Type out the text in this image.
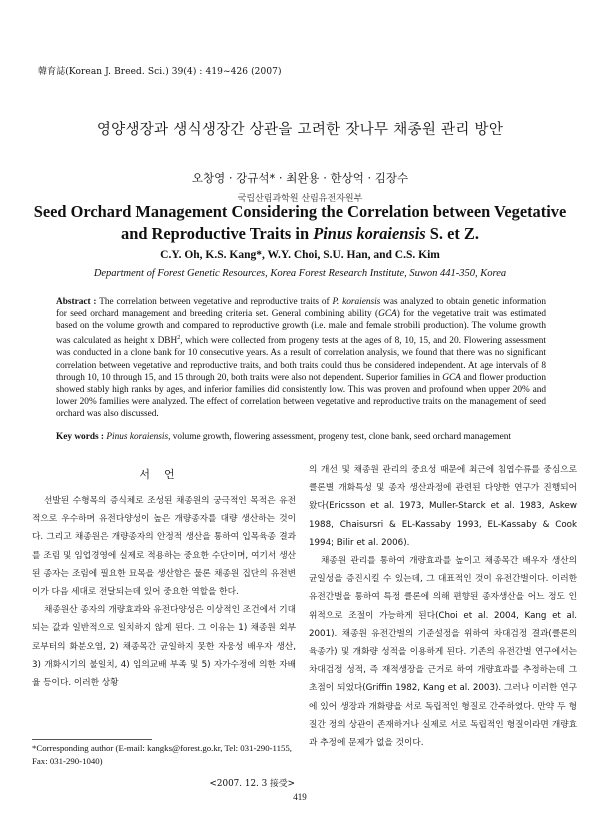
韓育誌(Korean J. Breed. Sci.) 39(4) : 419~426 (2007)
영양생장과 생식생장간 상관을 고려한 잣나무 채종원 관리 방안
오창영 · 강규석* · 최완용 · 한상억 · 김장수
국립산림과학원 산림유전자원부
Seed Orchard Management Considering the Correlation between Vegetative
and Reproductive Traits in Pinus koraiensis S. et Z.
C.Y. Oh, K.S. Kang*, W.Y. Choi, S.U. Han, and C.S. Kim
Department of Forest Genetic Resources, Korea Forest Research Institute, Suwon 441-350, Korea
Abstract : The correlation between vegetative and reproductive traits of P. koraiensis was analyzed to obtain genetic information for seed orchard management and breeding criteria set. General combining ability (GCA) for the vegetative trait was estimated based on the volume growth and compared to reproductive growth (i.e. male and female strobili production). The volume growth was calculated as height x DBH$^2$, which were collected from progeny tests at the ages of 8, 10, 15, and 20. Flowering assessment was conducted in a clone bank for 10 consecutive years. As a result of correlation analysis, we found that there was no significant correlation between vegetative and reproductive traits, and both traits could thus be considered independent. At age intervals of 8 through 10, 10 through 15, and 15 through 20, both traits were also not dependent. Superior families in GCA and flower production showed stably high ranks by ages, and inferior families did consistently low. This was proven and profound when upper 20% and lower 20% families were analyzed. The effect of correlation between vegetative and reproductive traits on the management of seed orchard was also discussed.
Key words : Pinus koraiensis, volume growth, flowering assessment, progeny test, clone bank, seed orchard management
서언

선발된 수형목의 증식체로 조성된 채종원의 궁극적인 목적은 유전적으로 우수하며 유전다양성이 높은 개량종자를 대량 생산하는 것이다. 그리고 채종원은 개량종자의 안정적 생산을 통하여 입목육종 결과를 조림 및 임업경영에 실제로 적용하는 중요한 수단이며, 여기서 생산된 종자는 조림에 필요한 묘목을 생산함은 물론 채종원 집단의 유전변이가 다음 세대로 전달되는데 있어 중요한 역할을 한다.

채종원산 종자의 개량효과와 유전다양성은 이상적인 조건에서 기대되는 값과 일반적으로 일치하지 않게 된다. 그 이유는 1) 채종원 외부로부터의 화분오염, 2) 채종목간 균일하지 못한 자웅성 배우자 생산, 3) 개화시기의 불일치, 4) 임의교배 부족 및 5) 자가수정에 의한 자배율 등이다. 이러한 상황

의 개선 및 채종원 관리의 중요성 때문에 최근에 침엽수류를 중심으로 클론별 개화특성 및 종자 생산과정에 관련된 다양한 연구가 진행되어 왔다(Ericsson et al. 1973, Muller-Starck et al. 1983, Askew 1988, Chaisursri & EL-Kassaby 1993, EL-Kassaby & Cook 1994; Bilir et al. 2006).

채종원 관리를 통하여 개량효과를 높이고 채종목간 배우자 생산의 균일성을 증진시킬 수 있는데, 그 대표적인 것이 유전간벌이다. 이러한 유전간벌을 통하여 특정 클론에 의해 편향된 종자생산을 어느 정도 인위적으로 조절이 가능하게 된다(Choi et al. 2004, Kang et al. 2001). 채종원 유전간벌의 기준설정을 위하여 차대검정 결과(클론의 육종가) 및 개화량 성적을 이용하게 된다. 기존의 유전간벌 연구에서는 차대검정 성적, 즉 재적생장을 근거로 하여 개량효과를 추정하는데 그 초점이 되었다(Griffin 1982, Kang et al. 2003). 그러나 이러한 연구에 있어 생장과 개화량을 서로 독립적인 형질로 간주하였다. 만약 두 형질간 정의 상관이 존재하거나 실제로 서로 독립적인 형질이라면 개량효과 추정에 문제가 없을 것이다.

*Corresponding author (E-mail: kangks@forest.go.kr, Tel: 031-290-1155, Fax: 031-290-1040)
<2007. 12. 3 接受>
419
